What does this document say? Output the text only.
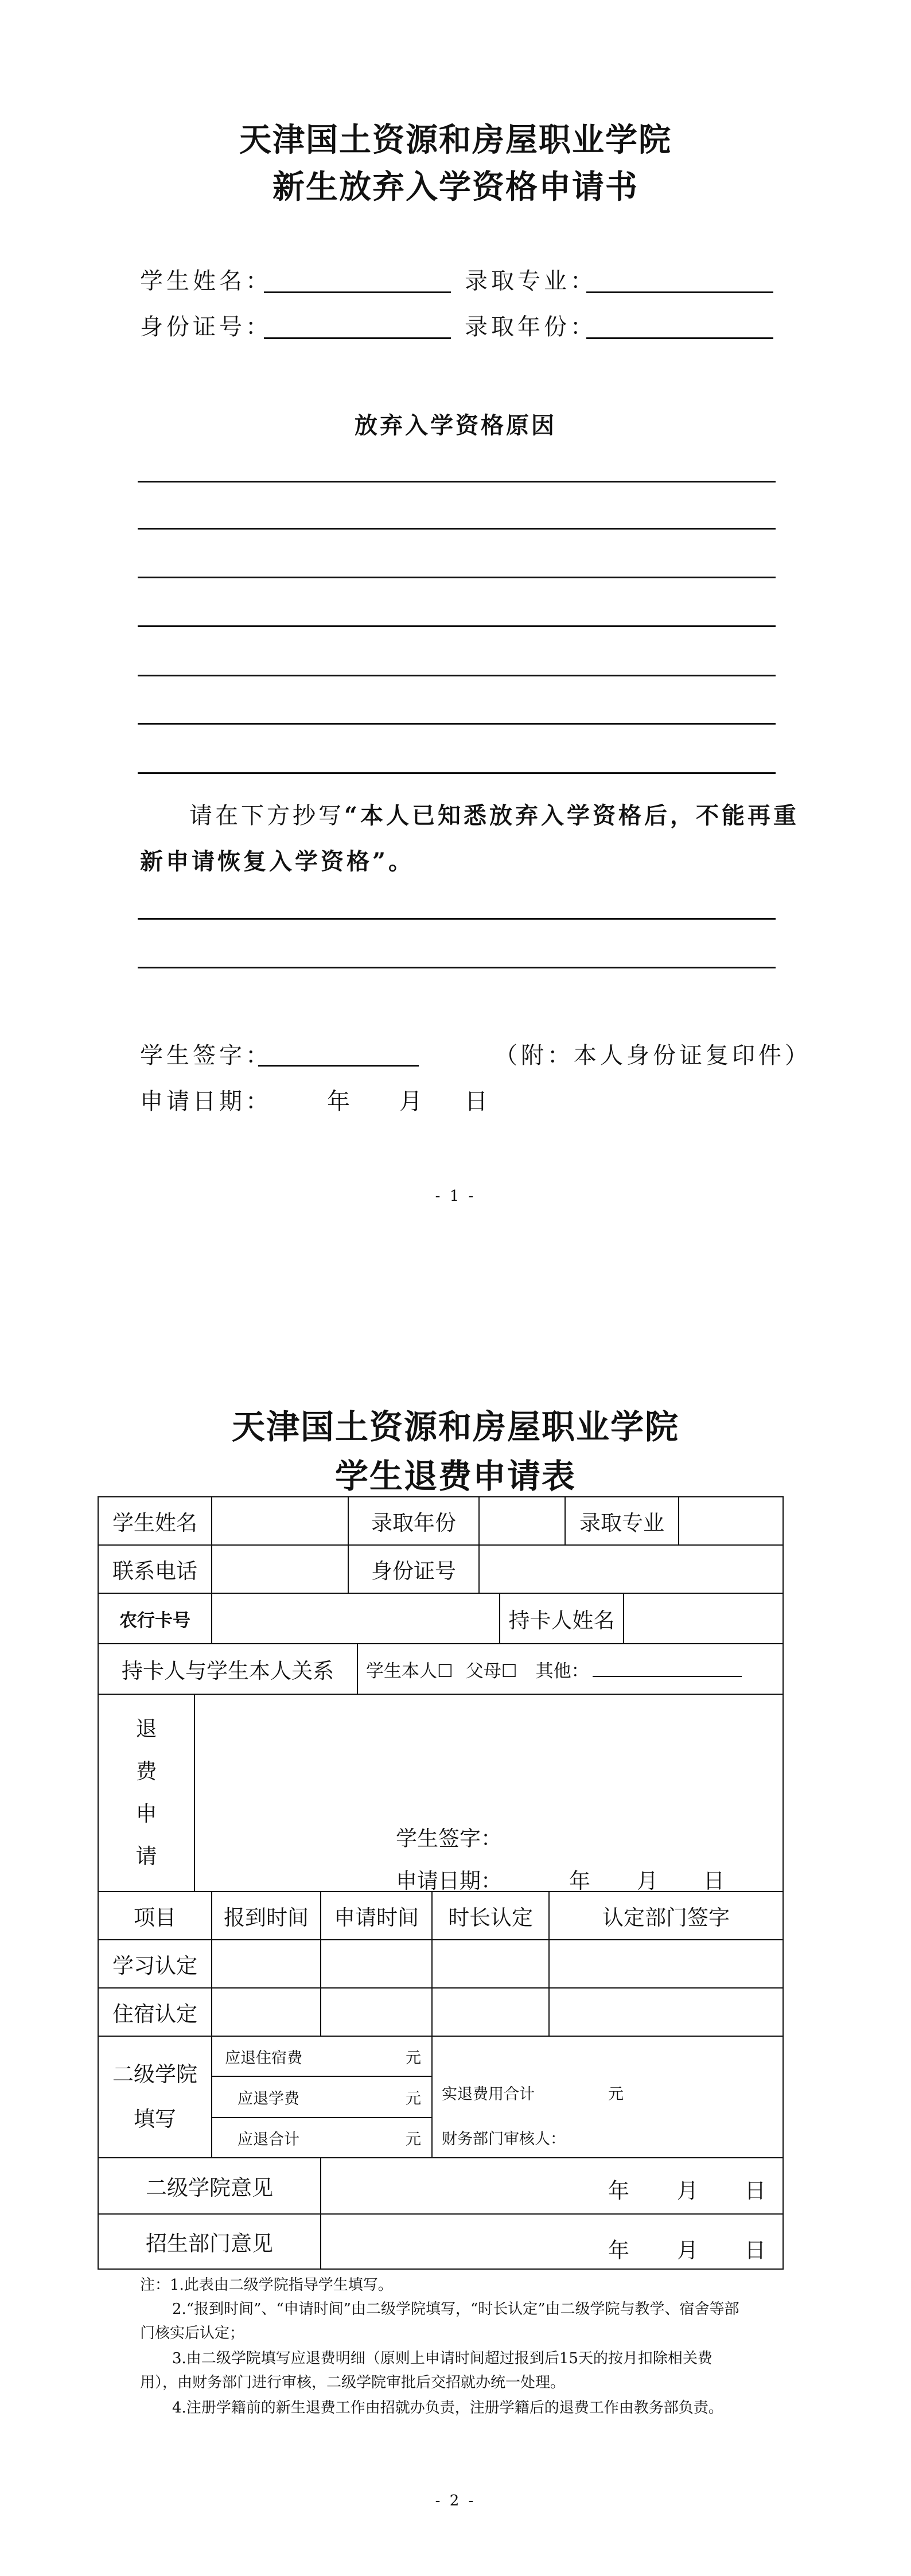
天津国土资源和房屋职业学院
新生放弃入学资格申请书
学生姓名：	录取专业：
身份证号：	录取年份：
放弃入学资格原因
请在下方抄写“本人已知悉放弃入学资格后，不能再重
新申请恢复入学资格”。
学生签字：	（附：本人身份证复印件）
申请日期： 年 月 日
- 1 -
天津国土资源和房屋职业学院
学生退费申请表
学生姓名	录取年份	录取专业
联系电话	身份证号
农行卡号	持卡人姓名
持卡人与学生本人关系	学生本人☐ 父母☐ 其他：
退
费
申
请
学生签字：
申请日期：	年 月 日
项目	报到时间	申请时间	时长认定	认定部门签字
学习认定
住宿认定
二级学院
填写
应退住宿费	元
应退学费	元
应退合计	元
实退费用合计	元
财务部门审核人：
二级学院意见	年 月 日
招生部门意见	年 月 日
注：1.此表由二级学院指导学生填写。
2.“报到时间”、“申请时间”由二级学院填写，“时长认定”由二级学院与教学、宿舍等部
门核实后认定；
3.由二级学院填写应退费明细（原则上申请时间超过报到后15天的按月扣除相关费
用），由财务部门进行审核，二级学院审批后交招就办统一处理。
4.注册学籍前的新生退费工作由招就办负责，注册学籍后的退费工作由教务部负责。
- 2 -
